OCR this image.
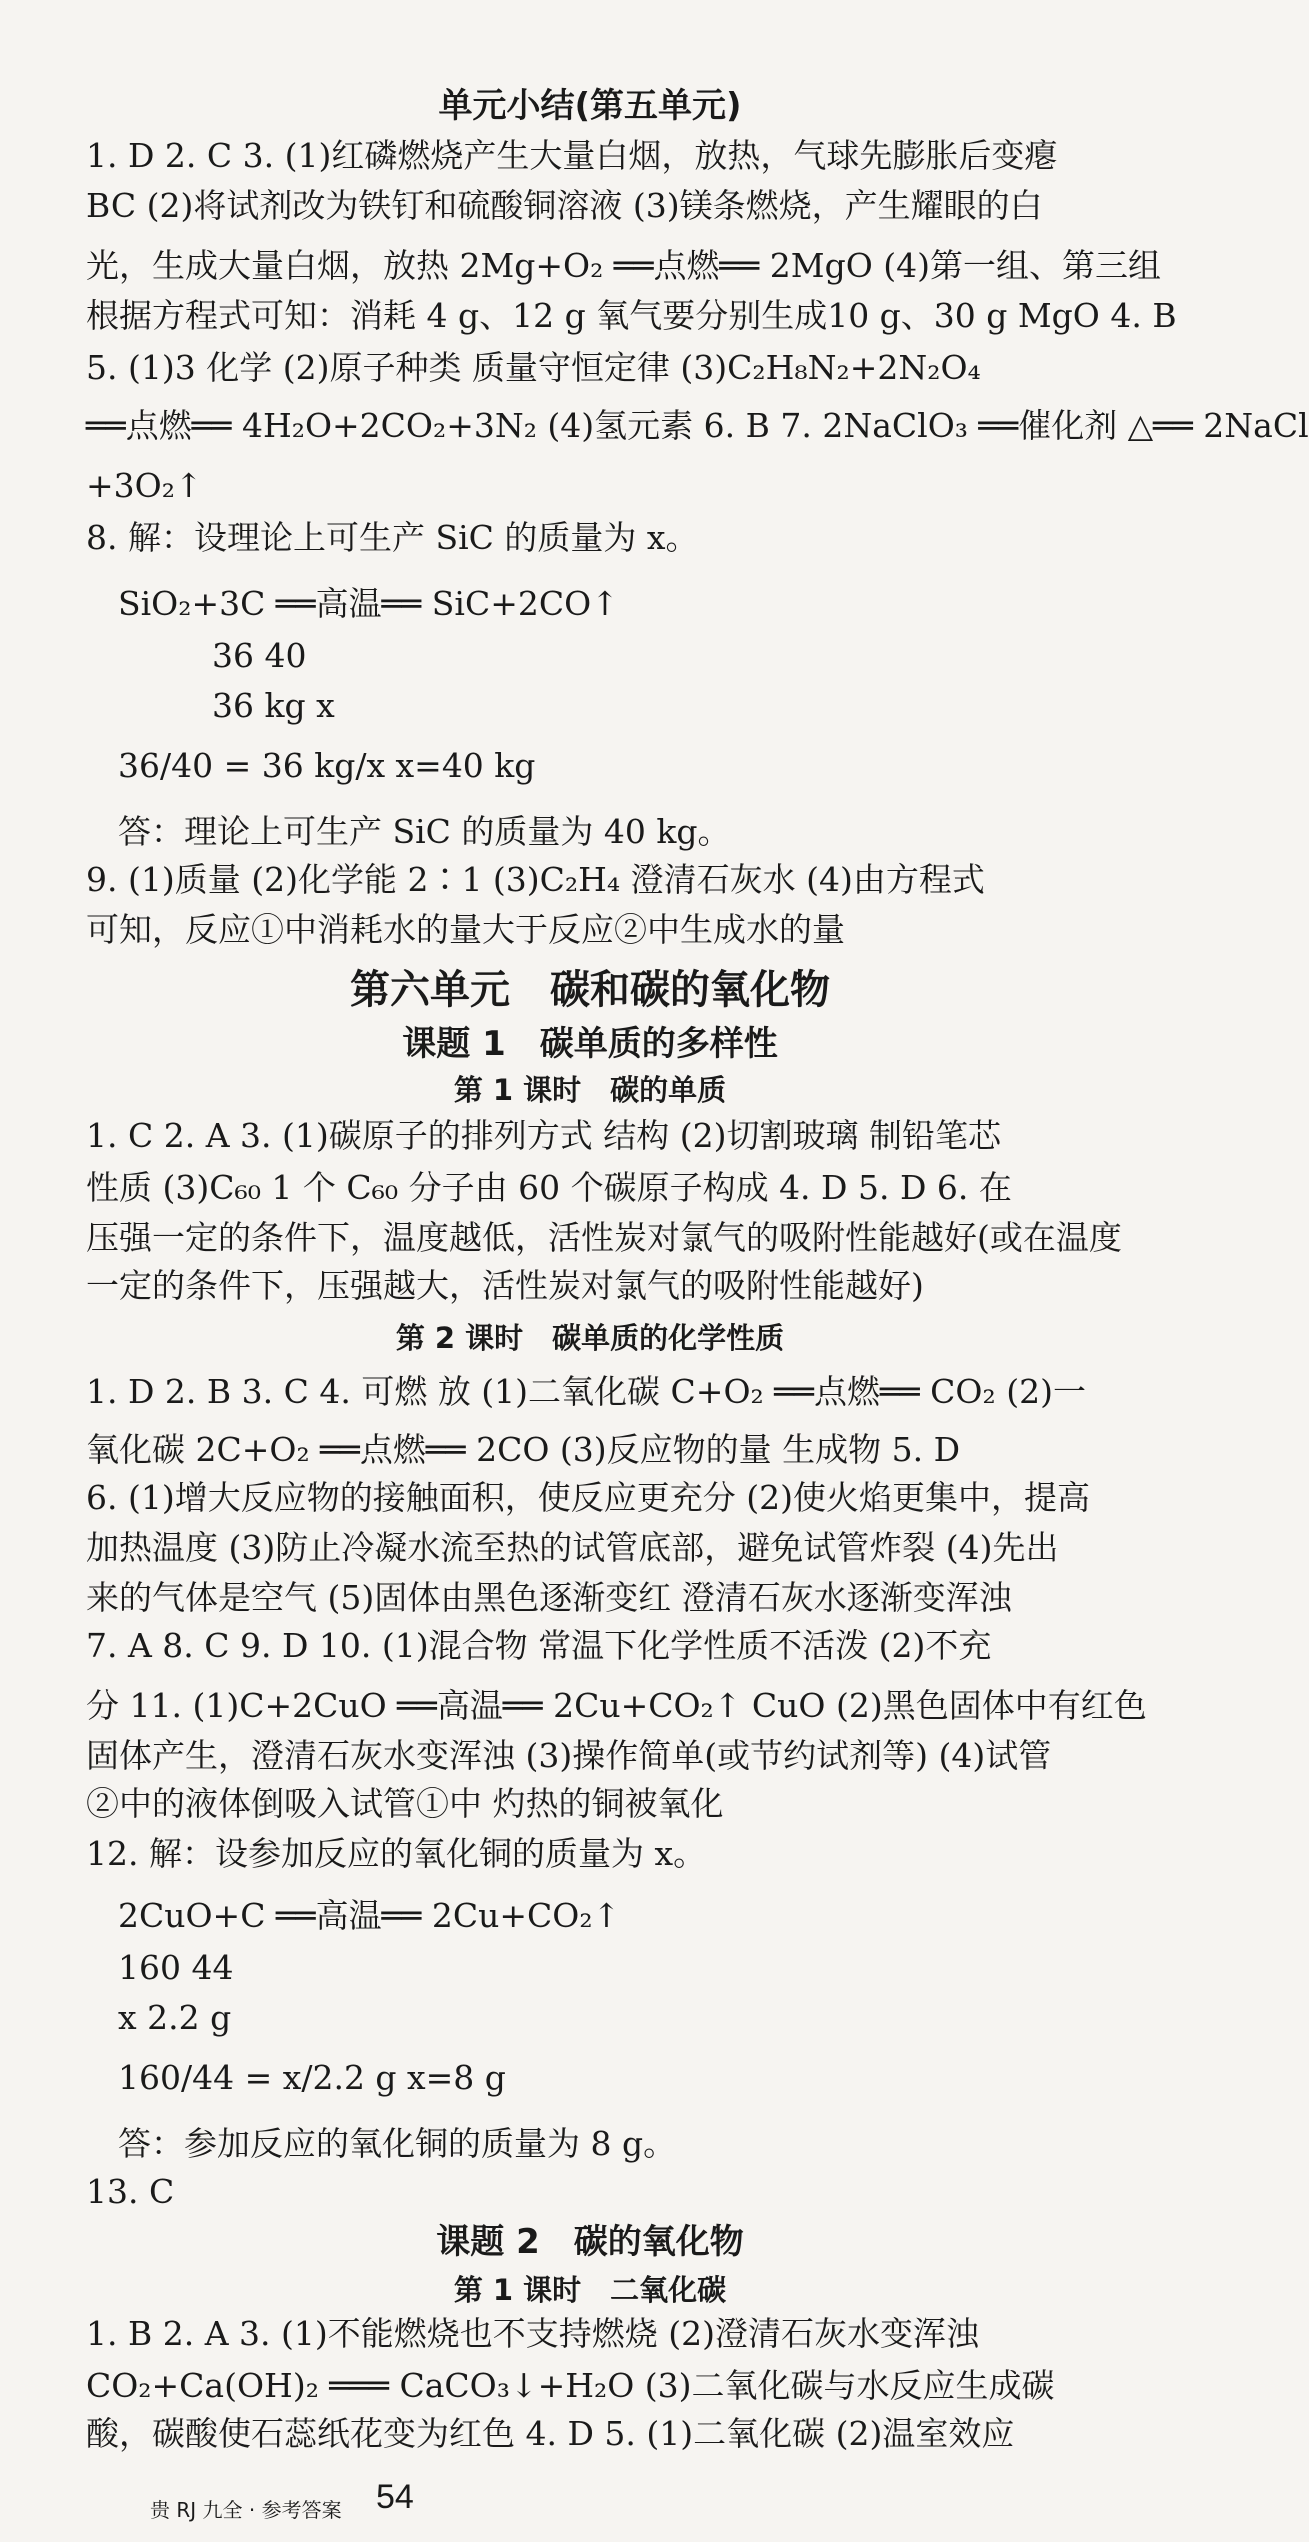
单元小结(第五单元)
1. D 2. C 3. (1)红磷燃烧产生大量白烟，放热，气球先膨胀后变瘪
BC (2)将试剂改为铁钉和硫酸铜溶液 (3)镁条燃烧，产生耀眼的白
光，生成大量白烟，放热 2Mg+O₂ ══点燃══ 2MgO (4)第一组、第三组
根据方程式可知：消耗 4 g、12 g 氧气要分别生成10 g、30 g MgO 4. B
5. (1)3 化学 (2)原子种类 质量守恒定律 (3)C₂H₈N₂+2N₂O₄
══点燃══ 4H₂O+2CO₂+3N₂ (4)氢元素 6. B 7. 2NaClO₃ ══催化剂 △══ 2NaCl
+3O₂↑
8. 解：设理论上可生产 SiC 的质量为 x。
SiO₂+3C ══高温══ SiC+2CO↑
36 40
36 kg x
36/40 = 36 kg/x x=40 kg
答：理论上可生产 SiC 的质量为 40 kg。
9. (1)质量 (2)化学能 2∶1 (3)C₂H₄ 澄清石灰水 (4)由方程式
可知，反应①中消耗水的量大于反应②中生成水的量
第六单元　碳和碳的氧化物
课题 1　碳单质的多样性
第 1 课时　碳的单质
1. C 2. A 3. (1)碳原子的排列方式 结构 (2)切割玻璃 制铅笔芯
性质 (3)C₆₀ 1 个 C₆₀ 分子由 60 个碳原子构成 4. D 5. D 6. 在
压强一定的条件下，温度越低，活性炭对氯气的吸附性能越好(或在温度
一定的条件下，压强越大，活性炭对氯气的吸附性能越好)
第 2 课时　碳单质的化学性质
1. D 2. B 3. C 4. 可燃 放 (1)二氧化碳 C+O₂ ══点燃══ CO₂ (2)一
氧化碳 2C+O₂ ══点燃══ 2CO (3)反应物的量 生成物 5. D
6. (1)增大反应物的接触面积，使反应更充分 (2)使火焰更集中，提高
加热温度 (3)防止冷凝水流至热的试管底部，避免试管炸裂 (4)先出
来的气体是空气 (5)固体由黑色逐渐变红 澄清石灰水逐渐变浑浊
7. A 8. C 9. D 10. (1)混合物 常温下化学性质不活泼 (2)不充
分 11. (1)C+2CuO ══高温══ 2Cu+CO₂↑ CuO (2)黑色固体中有红色
固体产生，澄清石灰水变浑浊 (3)操作简单(或节约试剂等) (4)试管
②中的液体倒吸入试管①中 灼热的铜被氧化
12. 解：设参加反应的氧化铜的质量为 x。
2CuO+C ══高温══ 2Cu+CO₂↑
160 44
x 2.2 g
160/44 = x/2.2 g x=8 g
答：参加反应的氧化铜的质量为 8 g。
13. C
课题 2　碳的氧化物
第 1 课时　二氧化碳
1. B 2. A 3. (1)不能燃烧也不支持燃烧 (2)澄清石灰水变浑浊
CO₂+Ca(OH)₂ ═══ CaCO₃↓+H₂O (3)二氧化碳与水反应生成碳
酸，碳酸使石蕊纸花变为红色 4. D 5. (1)二氧化碳 (2)温室效应
贵 RJ 九全 · 参考答案 54
